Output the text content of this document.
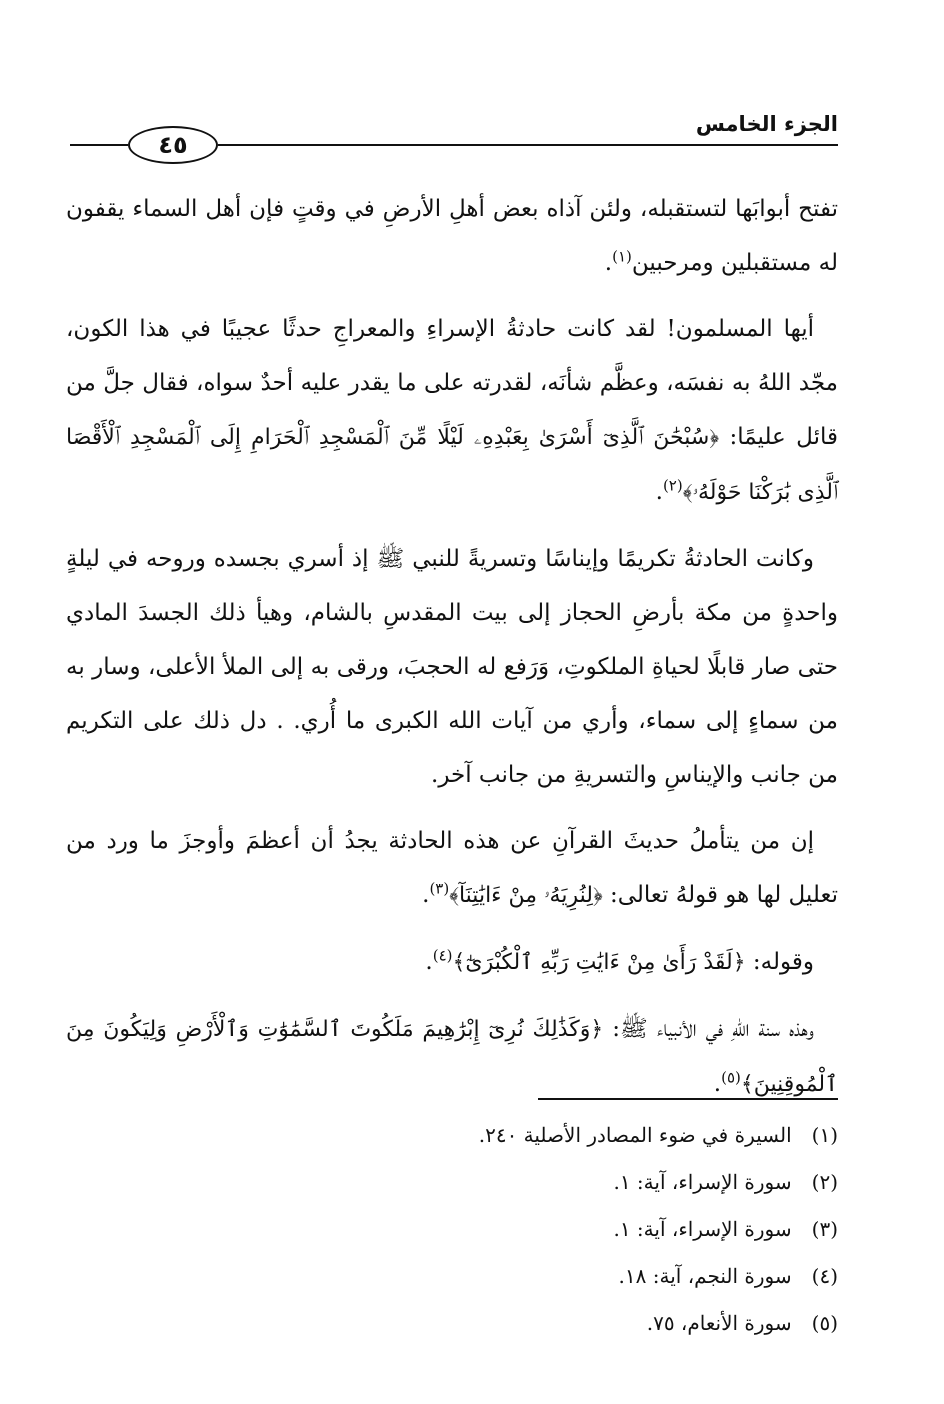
الجزء الخامس
٤٥

تفتح أبوابَها لتستقبله، ولئن آذاه بعض أهلِ الأرضِ في وقتٍ فإن أهل السماء يقفون له مستقبلين ومرحبين$^{(١)}$.

أيها المسلمون! لقد كانت حادثةُ الإسراءِ والمعراجِ حدثًا عجيبًا في هذا الكون، مجّد اللهُ به نفسَه، وعظَّم شأنَه، لقدرته على ما يقدر عليه أحدٌ سواه، فقال جلَّ من قائل عليمًا: ﴿سُبْحَٰنَ ٱلَّذِىٓ أَسْرَىٰ بِعَبْدِهِۦ لَيْلًا مِّنَ ٱلْمَسْجِدِ ٱلْحَرَامِ إِلَى ٱلْمَسْجِدِ ٱلْأَقْصَا ٱلَّذِى بَٰرَكْنَا حَوْلَهُۥ﴾$^{(٢)}$.

وكانت الحادثةُ تكريمًا وإيناسًا وتسريةً للنبي ﷺ إذ أسري بجسده وروحه في ليلةٍ واحدةٍ من مكة بأرضِ الحجاز إلى بيت المقدسِ بالشام، وهيأ ذلك الجسدَ المادي حتى صار قابلًا لحياةِ الملكوتِ، وَرَفع له الحجبَ، ورقى به إلى الملأ الأعلى، وسار به من سماءٍ إلى سماء، وأري من آيات الله الكبرى ما أُري. . دل ذلك على التكريم من جانب والإيناسِ والتسريةِ من جانب آخر.

إن من يتأملُ حديثَ القرآنِ عن هذه الحادثة يجدُ أن أعظمَ وأوجزَ ما ورد من تعليل لها هو قولهُ تعالى: ﴿لِنُرِيَهُۥ مِنْ ءَايَٰتِنَآ﴾$^{(٣)}$.

وقوله: ﴿لَقَدْ رَأَىٰ مِنْ ءَايَٰتِ رَبِّهِ ٱلْكُبْرَىٰٓ﴾$^{(٤)}$.

وهذه سنة اللهِ في الأنبياء ﷺ: ﴿وَكَذَٰلِكَ نُرِىٓ إِبْرَٰهِيمَ مَلَكُوتَ ٱلسَّمَٰوَٰتِ وَٱلْأَرْضِ وَلِيَكُونَ مِنَ ٱلْمُوقِنِينَ﴾$^{(٥)}$.

(١) السيرة في ضوء المصادر الأصلية ٢٤٠.
(٢) سورة الإسراء، آية: ١.
(٣) سورة الإسراء، آية: ١.
(٤) سورة النجم، آية: ١٨.
(٥) سورة الأنعام، ٧٥.
